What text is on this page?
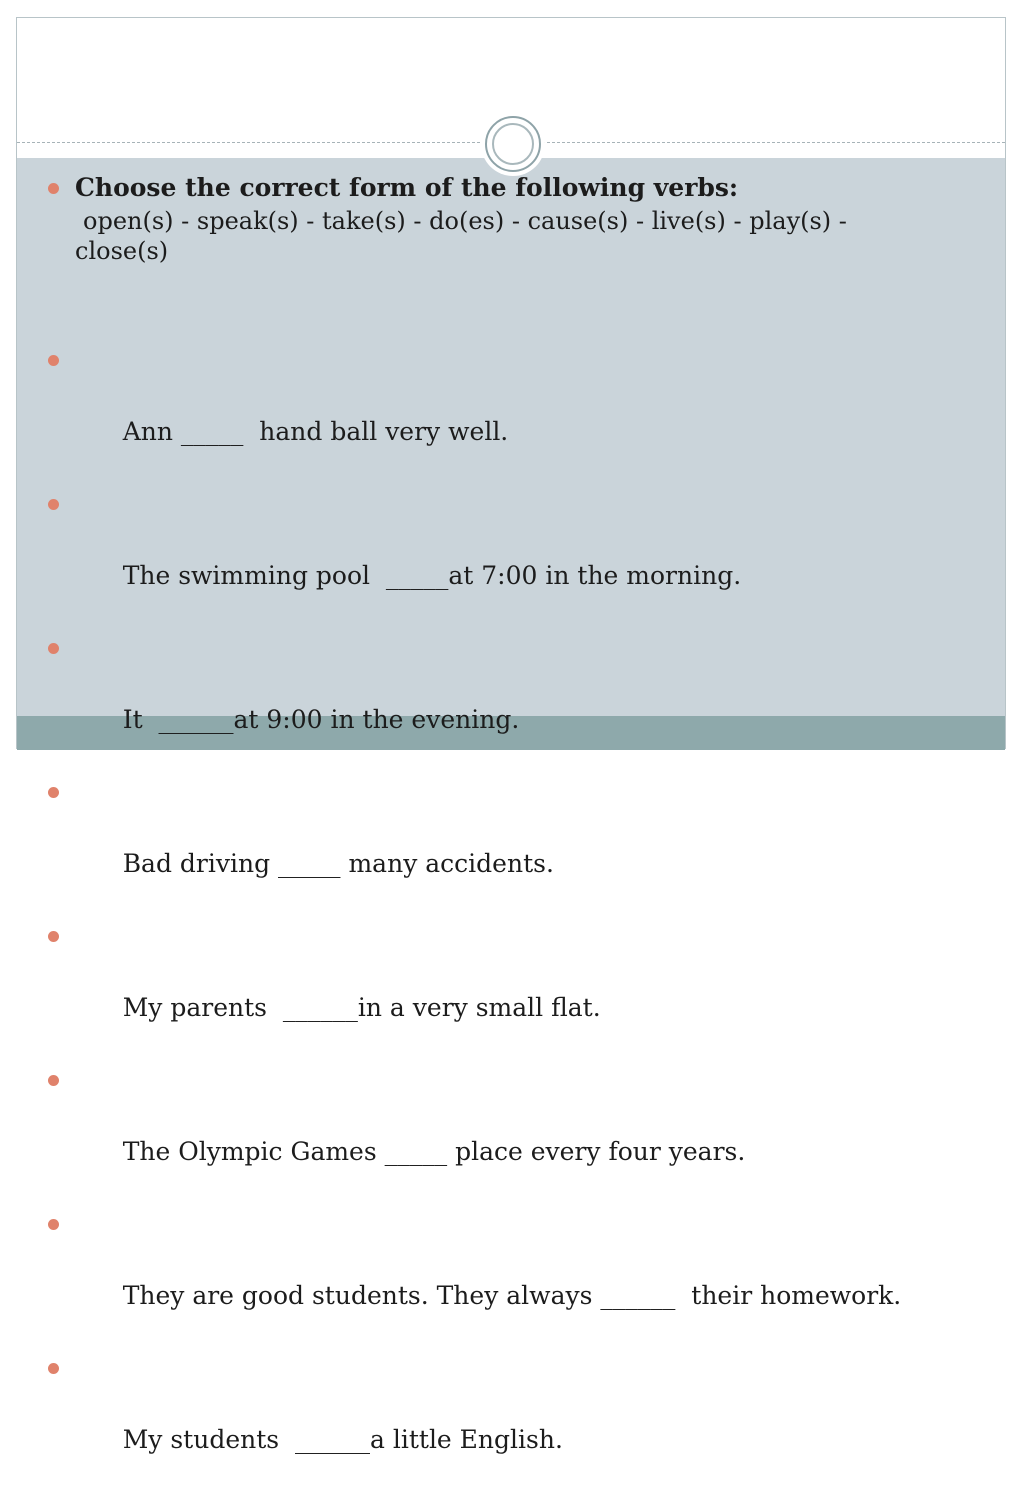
Choose the correct form of the following verbs:
open(s) - speak(s) - take(s) - do(es) - cause(s) - live(s) - play(s) - close(s)

Ann _____  hand ball very well.

The swimming pool  _____at 7:00 in the morning.

It  ______at 9:00 in the evening.

Bad driving _____ many accidents.

My parents  ______in a very small flat.

The Olympic Games _____ place every four years.

They are good students. They always ______  their homework.

My students  ______a little English.
